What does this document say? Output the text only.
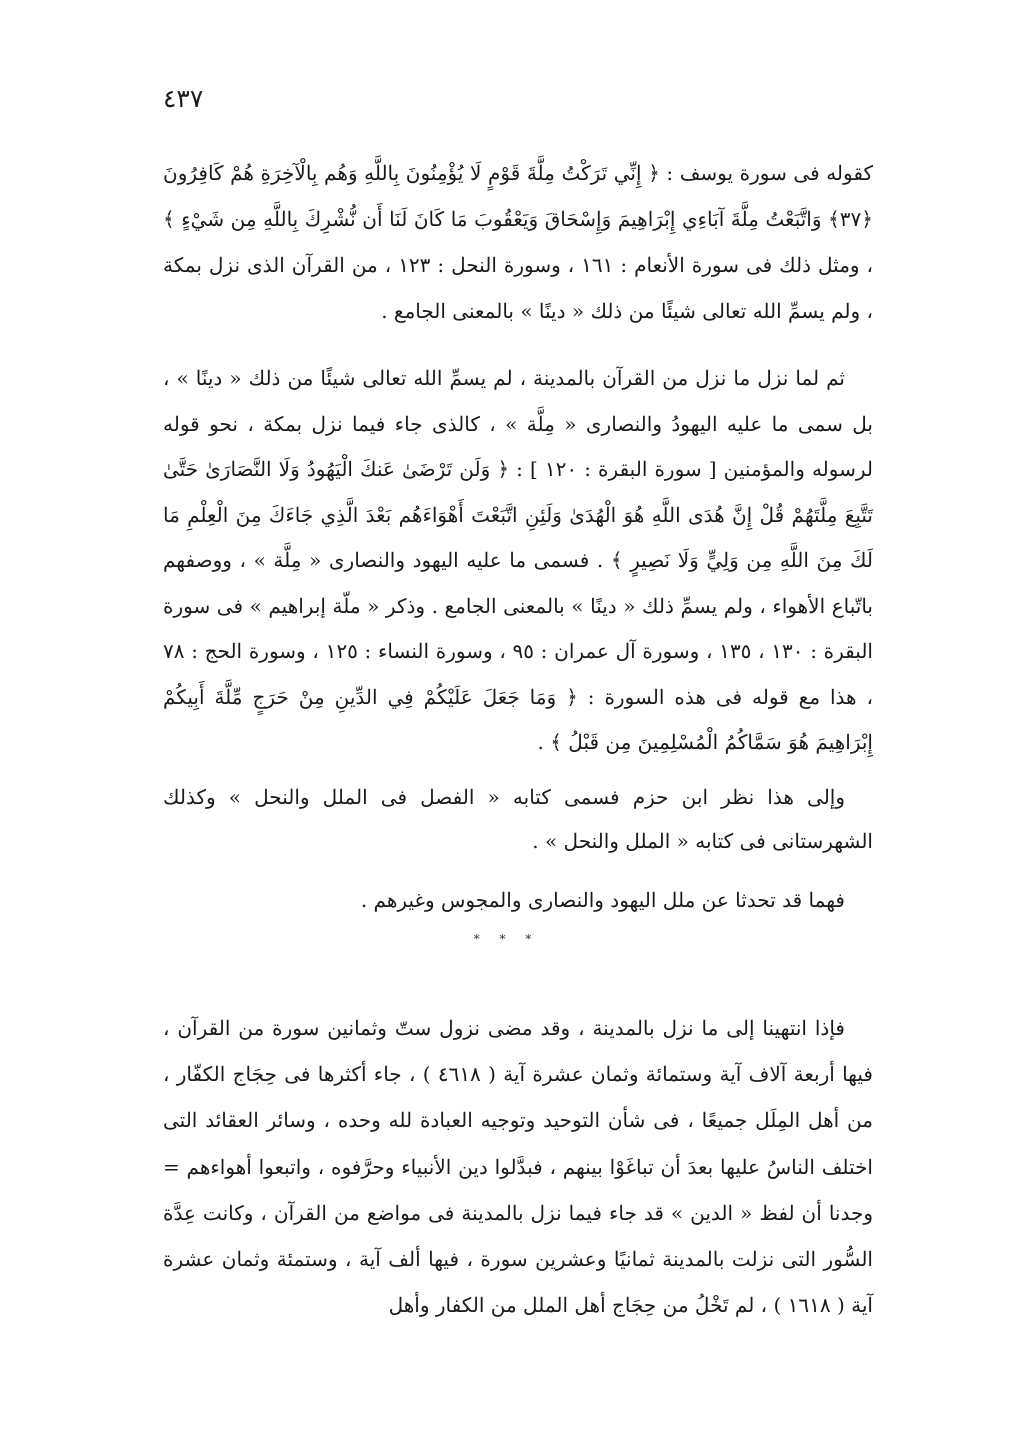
٤٣٧

كقوله فى سورة يوسف : ﴿ إِنِّي تَرَكْتُ مِلَّةَ قَوْمٍ لَا يُؤْمِنُونَ بِاللَّهِ وَهُم بِالْآخِرَةِ هُمْ كَافِرُونَ ﴿٣٧﴾ وَاتَّبَعْتُ مِلَّةَ آبَاءِي إِبْرَاهِيمَ وَإِسْحَاقَ وَيَعْقُوبَ مَا كَانَ لَنَا أَن نُّشْرِكَ بِاللَّهِ مِن شَيْءٍ ﴾ ، ومثل ذلك فى سورة الأنعام : ١٦١ ، وسورة النحل : ١٢٣ ، من القرآن الذى نزل بمكة ، ولم يسمِّ الله تعالى شيئًا من ذلك « دينًا » بالمعنى الجامع .

ثم لما نزل ما نزل من القرآن بالمدينة ، لم يسمِّ الله تعالى شيئًا من ذلك « دينًا » ، بل سمى ما عليه اليهودُ والنصارى « مِلَّة » ، كالذى جاء فيما نزل بمكة ، نحو قوله لرسوله والمؤمنين [ سورة البقرة : ١٢٠ ] : ﴿ وَلَن تَرْضَىٰ عَنكَ الْيَهُودُ وَلَا النَّصَارَىٰ حَتَّىٰ تَتَّبِعَ مِلَّتَهُمْ قُلْ إِنَّ هُدَى اللَّهِ هُوَ الْهُدَىٰ وَلَئِنِ اتَّبَعْتَ أَهْوَاءَهُم بَعْدَ الَّذِي جَاءَكَ مِنَ الْعِلْمِ مَا لَكَ مِنَ اللَّهِ مِن وَلِيٍّ وَلَا نَصِيرٍ ﴾ . فسمى ما عليه اليهود والنصارى « مِلَّة » ، ووصفهم باتّباع الأهواء ، ولم يسمِّ ذلك « دينًا » بالمعنى الجامع . وذكر « ملّة إبراهيم » فى سورة البقرة : ١٣٠ ، ١٣٥ ، وسورة آل عمران : ٩٥ ، وسورة النساء : ١٢٥ ، وسورة الحج : ٧٨ ، هذا مع قوله فى هذه السورة : ﴿ وَمَا جَعَلَ عَلَيْكُمْ فِي الدِّينِ مِنْ حَرَجٍ مِّلَّةَ أَبِيكُمْ إِبْرَاهِيمَ هُوَ سَمَّاكُمُ الْمُسْلِمِينَ مِن قَبْلُ ﴾ .

وإلى هذا نظر ابن حزم فسمى كتابه « الفصل فى الملل والنحل » وكذلك الشهرستانى فى كتابه « الملل والنحل » .

فهما قد تحدثا عن ملل اليهود والنصارى والمجوس وغيرهم .

* * *

فإذا انتهينا إلى ما نزل بالمدينة ، وقد مضى نزول ستّ وثمانين سورة من القرآن ، فيها أربعة آلاف آية وستمائة وثمان عشرة آية ( ٤٦١٨ ) ، جاء أكثرها فى حِجَاج الكفّار ، من أهل المِلَل جميعًا ، فى شأن التوحيد وتوجيه العبادة لله وحده ، وسائر العقائد التى اختلف الناسُ عليها بعدَ أن تباغَوْا بينهم ، فبدَّلوا دين الأنبياء وحرَّفوه ، واتبعوا أهواءهم = وجدنا أن لفظ « الدين » قد جاء فيما نزل بالمدينة فى مواضع من القرآن ، وكانت عِدَّة السُّور التى نزلت بالمدينة ثمانيًا وعشرين سورة ، فيها ألف آية ، وستمئة وثمان عشرة آية ( ١٦١٨ ) ، لم تَخْلُ من حِجَاج أهل الملل من الكفار وأهل
